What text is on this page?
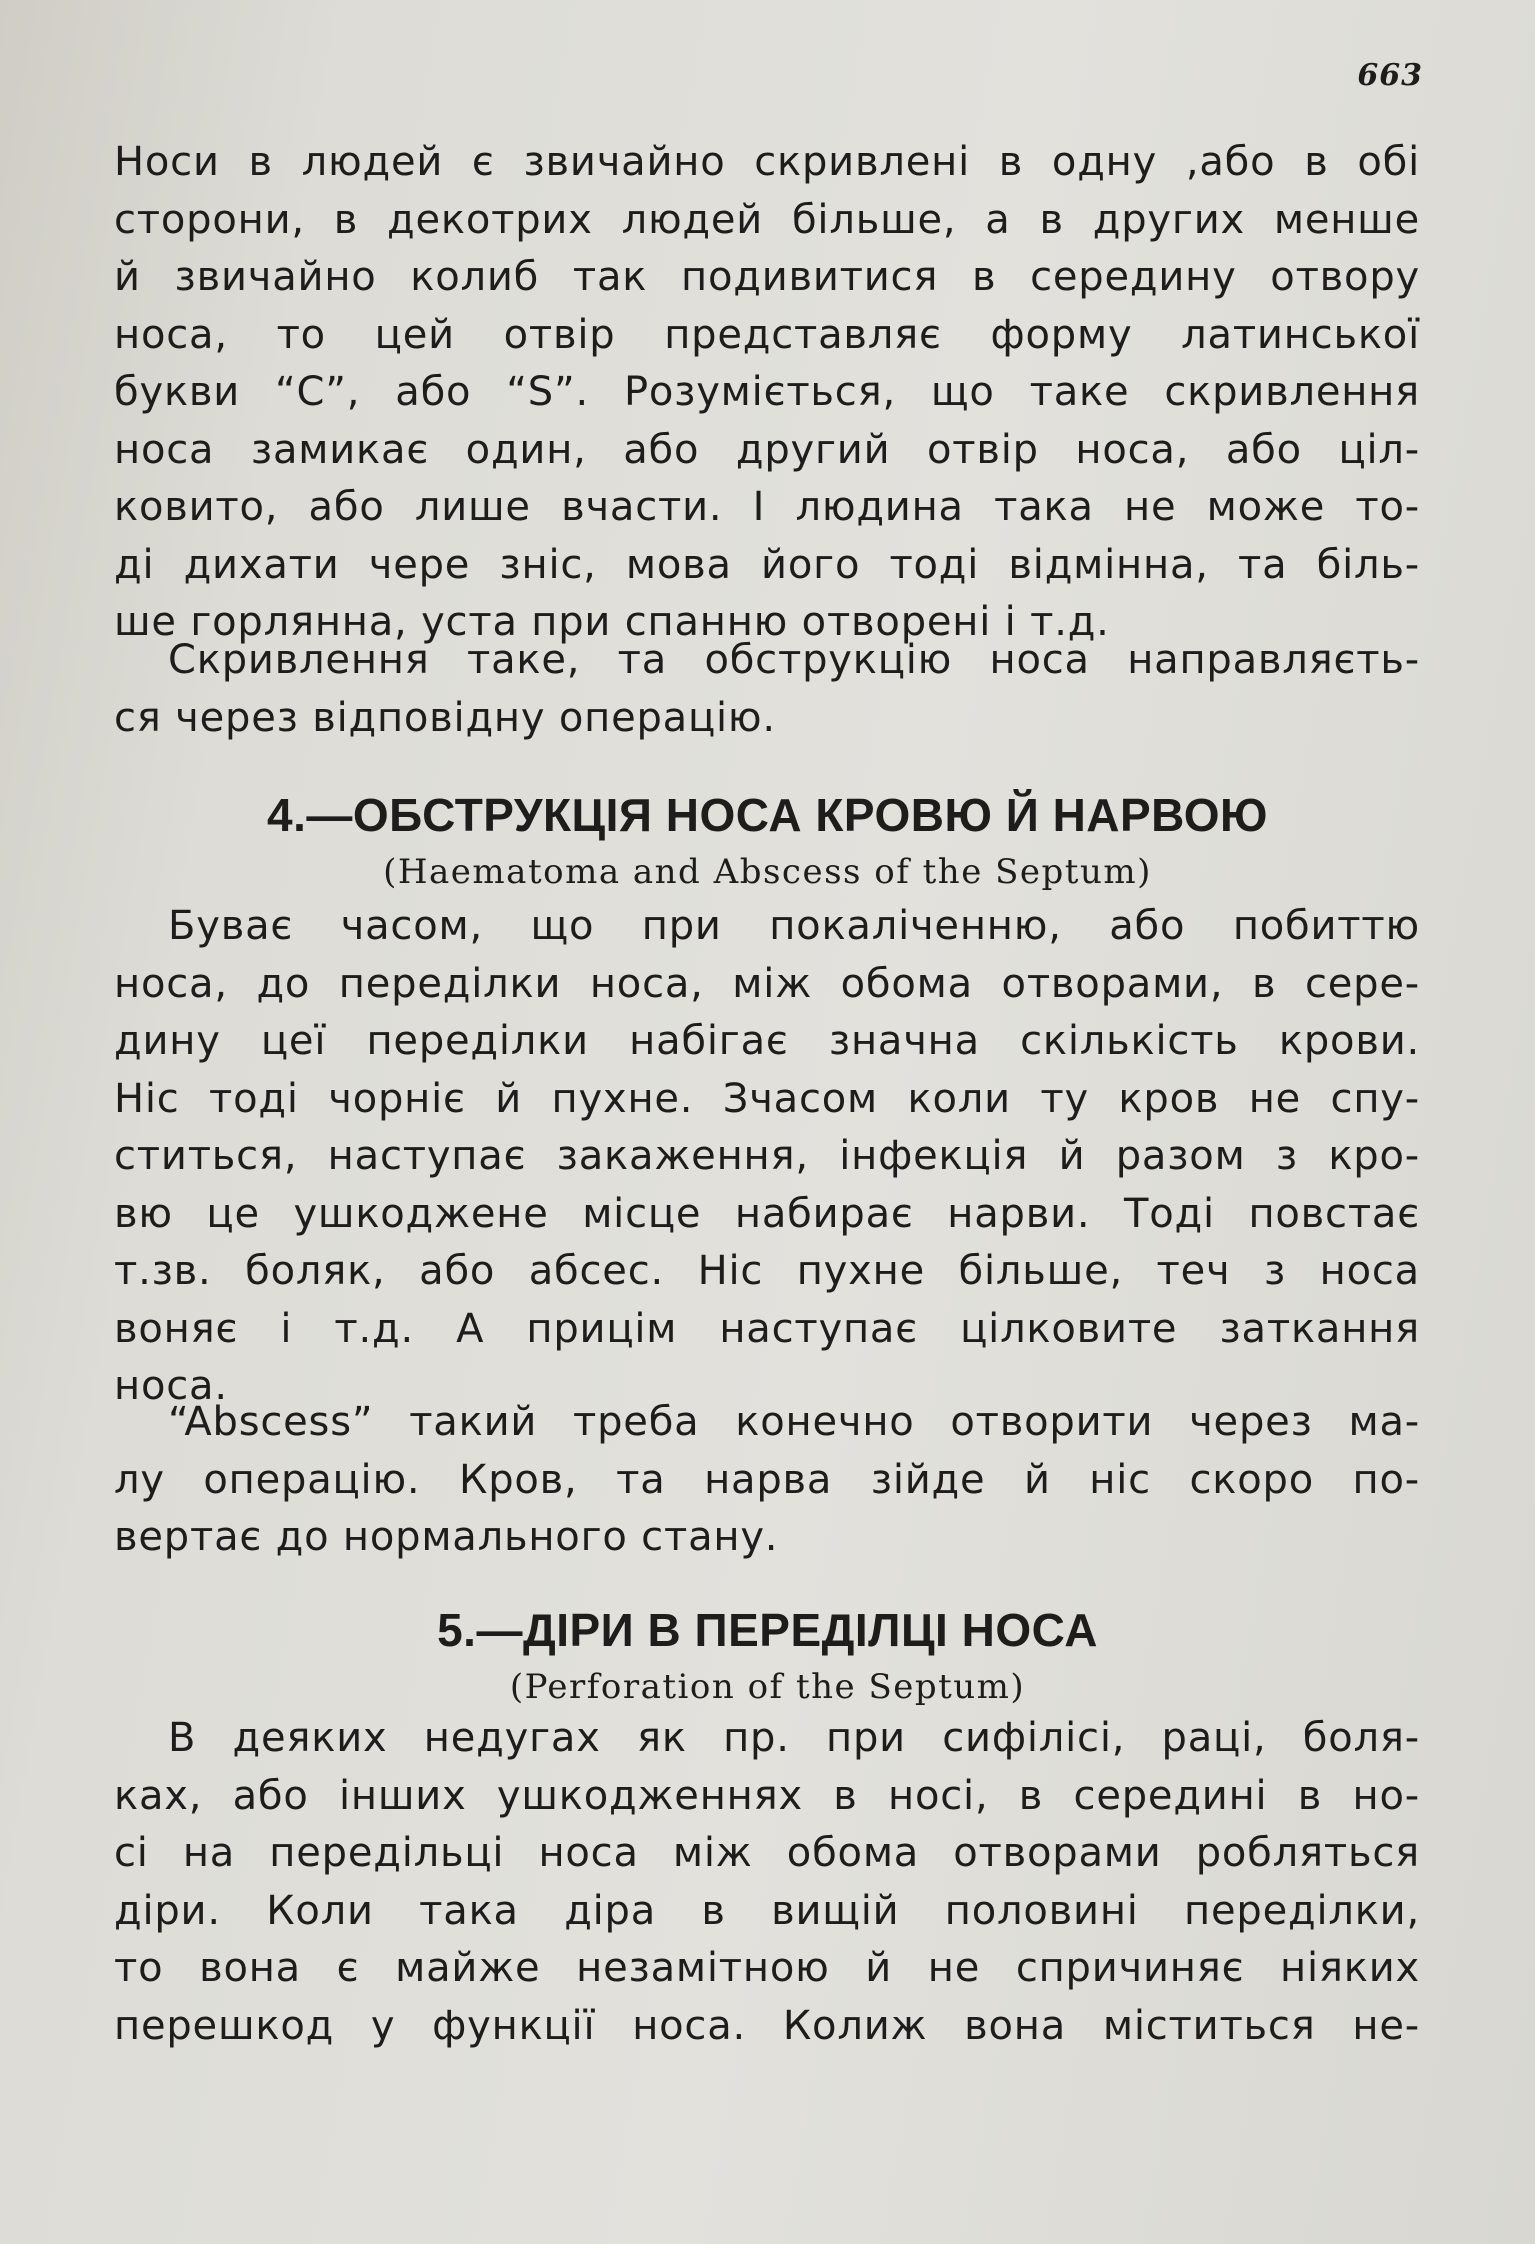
663
Носи в людей є звичайно скривлені в одну ,або в обі
сторони, в декотрих людей більше, а в других менше
й звичайно колиб так подивитися в середину отвору
носа, то цей отвір представляє форму латинської
букви “С”, або “S”. Розуміється, що таке скривлення
носа замикає один, або другий отвір носа, або ціл-
ковито, або лише вчасти. І людина така не може то-
ді дихати чере зніс, мова його тоді відмінна, та біль-
ше горлянна, уста при спанню отворені і т.д.
Скривлення таке, та обструкцію носа направляєть-
ся через відповідну операцію.
4.—ОБСТРУКЦІЯ НОСА КРОВЮ Й НАРВОЮ
(Haematoma and Abscess of the Septum)
Буває часом, що при покаліченню, або побиттю
носа, до переділки носа, між обома отворами, в сере-
дину цеї переділки набігає значна скількість крови.
Ніс тоді чорніє й пухне. Зчасом коли ту кров не спу-
ститься, наступає закаження, інфекція й разом з кро-
вю це ушкоджене місце набирає нарви. Тоді повстає
т.зв. боляк, або абсес. Ніс пухне більше, теч з носа
воняє і т.д. А прицім наступає цілковите заткання
носа.
“Abscess” такий треба конечно отворити через ма-
лу операцію. Кров, та нарва зійде й ніс скоро по-
вертає до нормального стану.
5.—ДІРИ В ПЕРЕДІЛЦІ НОСА
(Perforation of the Septum)
В деяких недугах як пр. при сифілісі, раці, боля-
ках, або інших ушкодженнях в носі, в середині в но-
сі на передільці носа між обома отворами робляться
діри. Коли така діра в вищій половині переділки,
то вона є майже незамітною й не спричиняє ніяких
перешкод у функції носа. Колиж вона міститься не-
